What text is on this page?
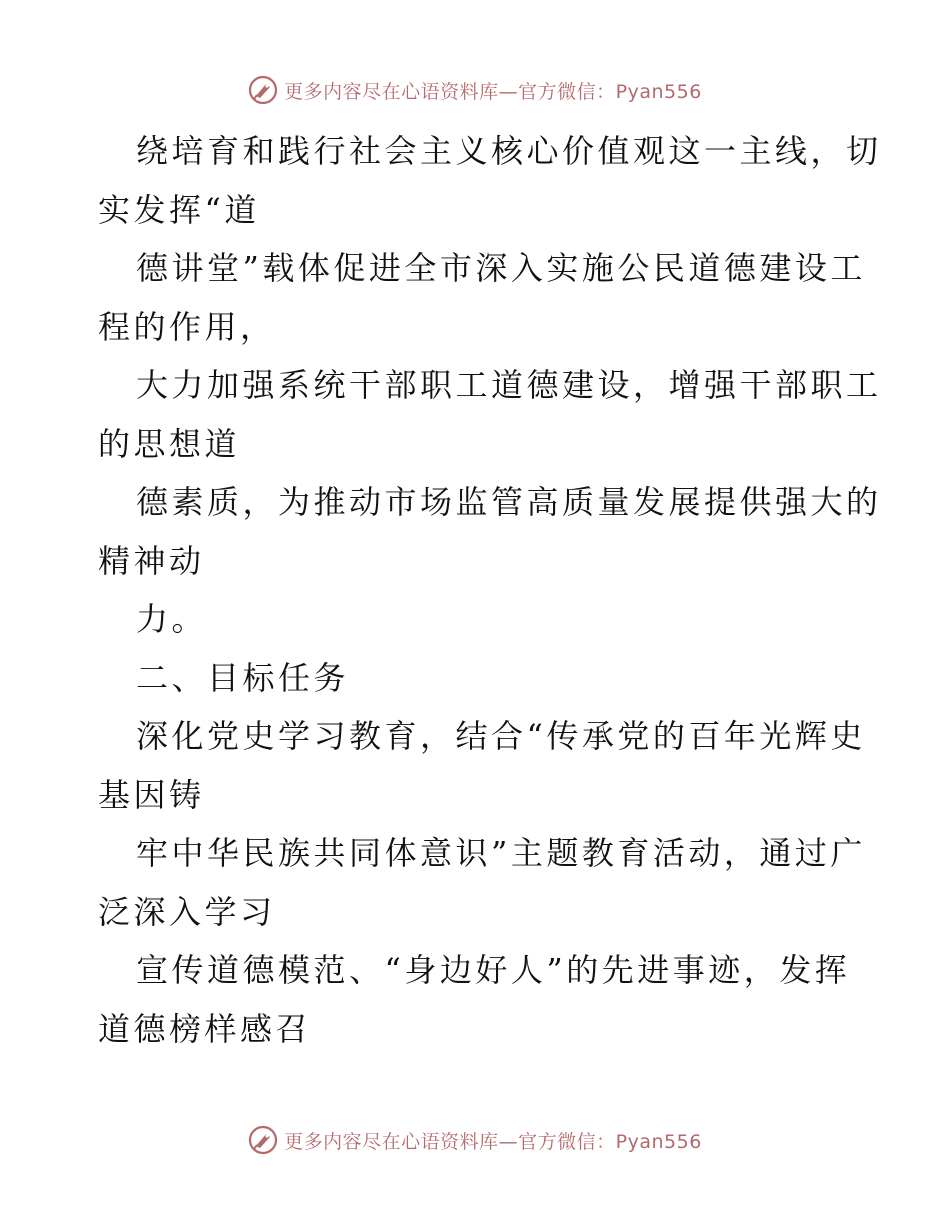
更多内容尽在心语资料库—官方微信：Pyan556
绕培育和践行社会主义核心价值观这一主线，切
实发挥“道
德讲堂”载体促进全市深入实施公民道德建设工
程的作用，
大力加强系统干部职工道德建设，增强干部职工
的思想道
德素质，为推动市场监管高质量发展提供强大的
精神动
力。
二、目标任务
深化党史学习教育，结合“传承党的百年光辉史
基因铸
牢中华民族共同体意识”主题教育活动，通过广
泛深入学习
宣传道德模范、“身边好人”的先进事迹，发挥
道德榜样感召
更多内容尽在心语资料库—官方微信：Pyan556
